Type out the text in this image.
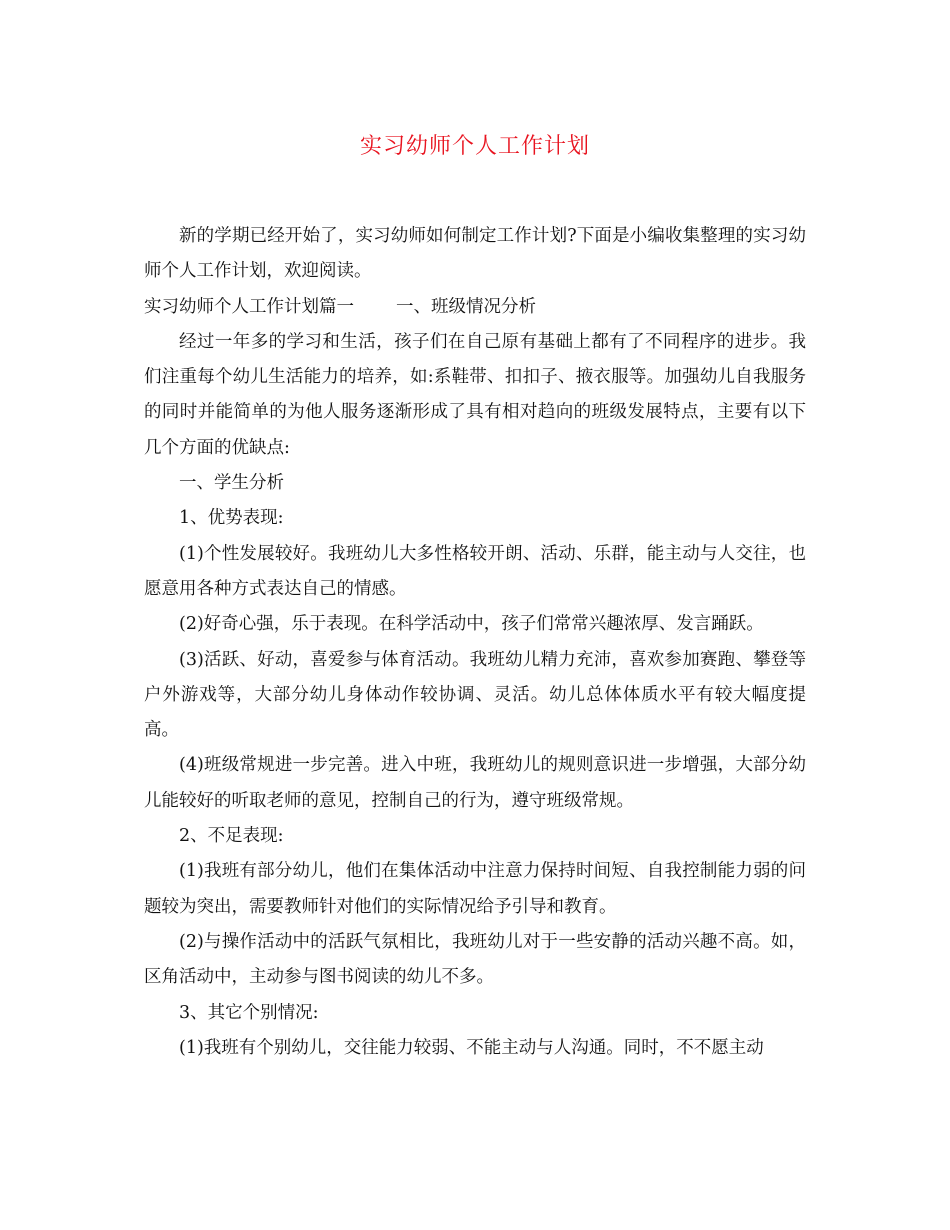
实习幼师个人工作计划

新的学期已经开始了，实习幼师如何制定工作计划?下面是小编收集整理的实习幼师个人工作计划，欢迎阅读。

实习幼师个人工作计划篇一 一、班级情况分析

经过一年多的学习和生活，孩子们在自己原有基础上都有了不同程序的进步。我们注重每个幼儿生活能力的培养，如:系鞋带、扣扣子、掖衣服等。加强幼儿自我服务的同时并能简单的为他人服务逐渐形成了具有相对趋向的班级发展特点，主要有以下几个方面的优缺点:

一、学生分析

1、优势表现:

(1)个性发展较好。我班幼儿大多性格较开朗、活动、乐群，能主动与人交往，也愿意用各种方式表达自己的情感。

(2)好奇心强，乐于表现。在科学活动中，孩子们常常兴趣浓厚、发言踊跃。

(3)活跃、好动，喜爱参与体育活动。我班幼儿精力充沛，喜欢参加赛跑、攀登等户外游戏等，大部分幼儿身体动作较协调、灵活。幼儿总体体质水平有较大幅度提高。

(4)班级常规进一步完善。进入中班，我班幼儿的规则意识进一步增强，大部分幼儿能较好的听取老师的意见，控制自己的行为，遵守班级常规。

2、不足表现:

(1)我班有部分幼儿，他们在集体活动中注意力保持时间短、自我控制能力弱的问题较为突出，需要教师针对他们的实际情况给予引导和教育。

(2)与操作活动中的活跃气氛相比，我班幼儿对于一些安静的活动兴趣不高。如，区角活动中，主动参与图书阅读的幼儿不多。

3、其它个别情况:

(1)我班有个别幼儿，交往能力较弱、不能主动与人沟通。同时，不不愿主动
